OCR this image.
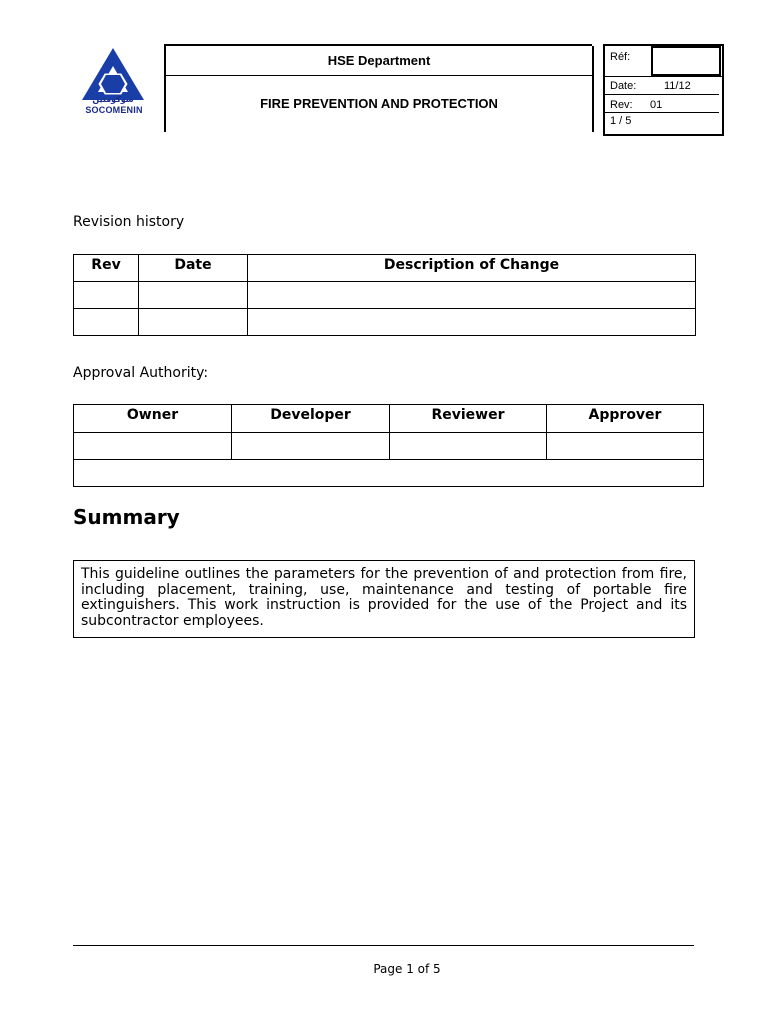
سوكومنين
SOCOMENIN
HSE Department
FIRE PREVENTION AND PROTECTION
Réf:
Date:	11/12
Rev: 01
1 / 5
Revision history
Rev	Date	Description of Change

Approval Authority:
Owner	Developer	Reviewer	Approver

Summary
This guideline outlines the parameters for the prevention of and protection from fire, including placement, training, use, maintenance and testing of portable fire extinguishers. This work instruction is provided for the use of the Project and its subcontractor employees.
Page 1 of 5
